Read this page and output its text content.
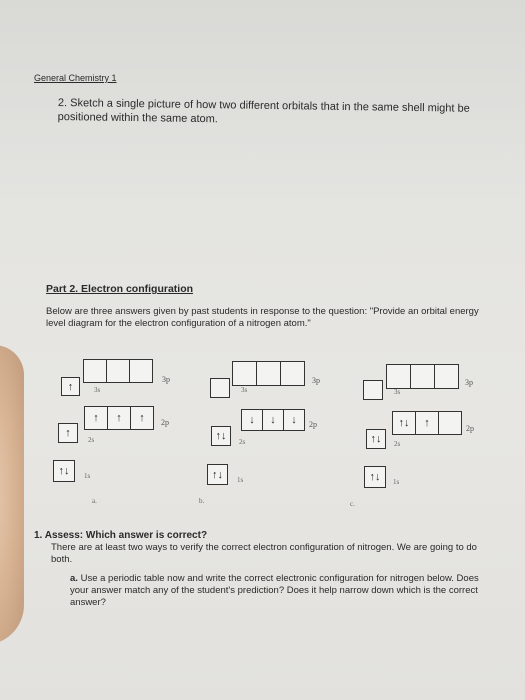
General Chemistry 1
2. Sketch a single picture of how two different orbitals that in the same shell might be positioned within the same atom.
Part 2. Electron configuration
Below are three answers given by past students in response to the question: "Provide an orbital energy level diagram for the electron configuration of a nitrogen atom."
3p
↑	3s
↑	↑	↑	2p
↑
2s
↑↓	1s
a.
3p
3s
↓	↓	↓	2p
↑↓	2s
↑↓	1s
b.
3p
3s
↑↓	↑	2p
↑↓	2s
↑↓	1s
c.
1. Assess: Which answer is correct?
There are at least two ways to verify the correct electron configuration of nitrogen. We are going to do both.
a. Use a periodic table now and write the correct electronic configuration for nitrogen below. Does your answer match any of the student's prediction? Does it help narrow down which is the correct answer?
